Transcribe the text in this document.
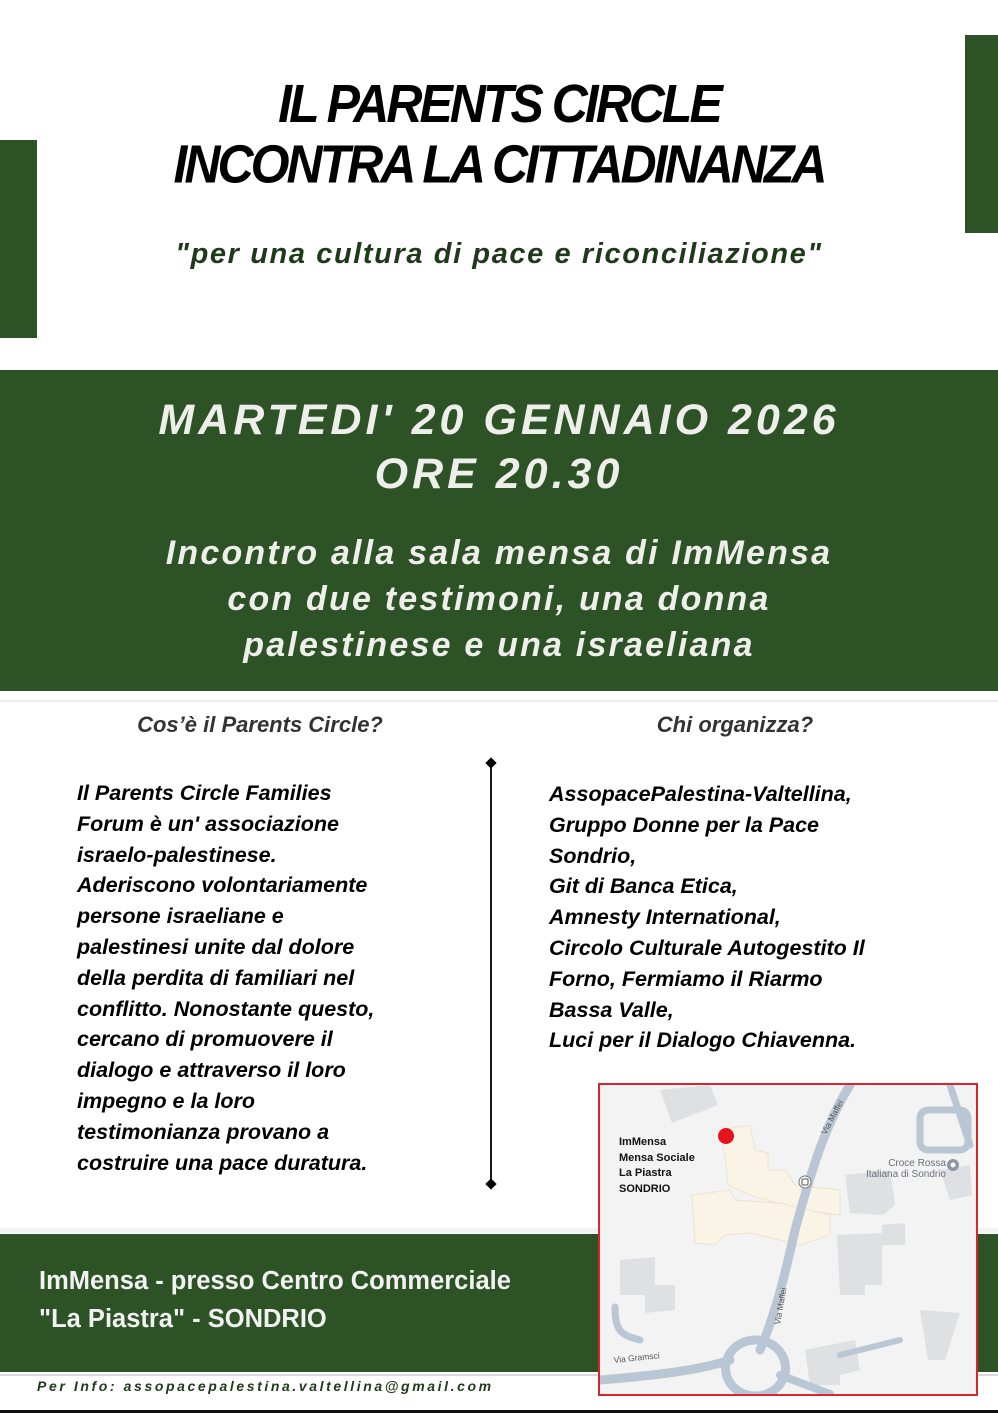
IL PARENTS CIRCLE
INCONTRA LA CITTADINANZA
"per una cultura di pace e riconciliazione"
MARTEDI' 20 GENNAIO 2026
ORE 20.30
Incontro alla sala mensa di ImMensa
con due testimoni, una donna
palestinese e una israeliana
Cos’è il Parents Circle?	Chi organizza?
Il Parents Circle Families
Forum è un' associazione
israelo-palestinese.
Aderiscono volontariamente
persone israeliane e
palestinesi unite dal dolore
della perdita di familiari nel
conflitto. Nonostante questo,
cercano di promuovere il
dialogo e attraverso il loro
impegno e la loro
testimonianza provano a
costruire una pace duratura.
AssopacePalestina-Valtellina,
Gruppo Donne per la Pace
Sondrio,
Git di Banca Etica,
Amnesty International,
Circolo Culturale Autogestito Il
Forno, Fermiamo il Riarmo
Bassa Valle,
Luci per il Dialogo Chiavenna.
ImMensa - presso Centro Commerciale
"La Piastra" - SONDRIO
Per Info: assopacepalestina.valtellina@gmail.com
Via Maffei
Via Maffei
Via Gramsci
ImMensa
Mensa Sociale
La Piastra
SONDRIO
Croce Rossa
Italiana di Sondrio
